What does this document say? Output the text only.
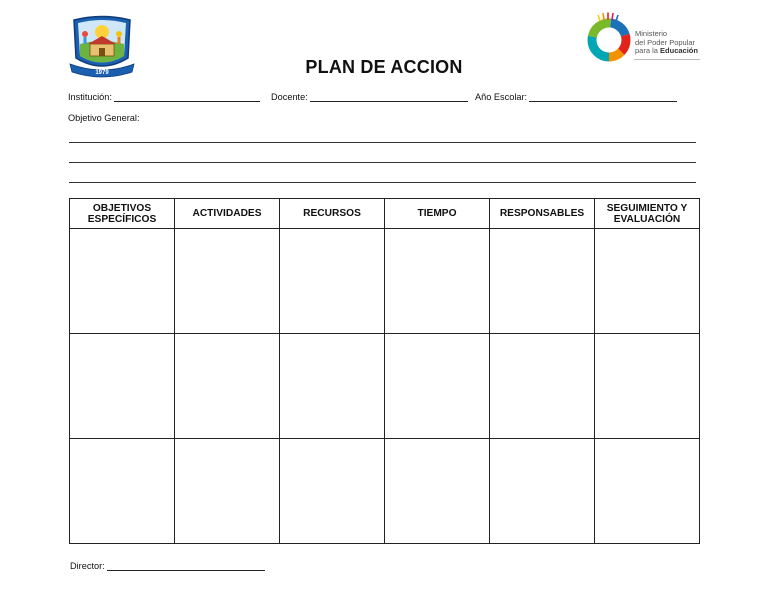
1979
Ministerio
del Poder Popular
para la Educación
PLAN DE ACCION
Institución:	Docente:	Año Escolar:
Objetivo General:
OBJETIVOS
ESPECÍFICOS	ACTIVIDADES	RECURSOS	TIEMPO	RESPONSABLES	SEGUIMIENTO Y
EVALUACIÓN

Director:
